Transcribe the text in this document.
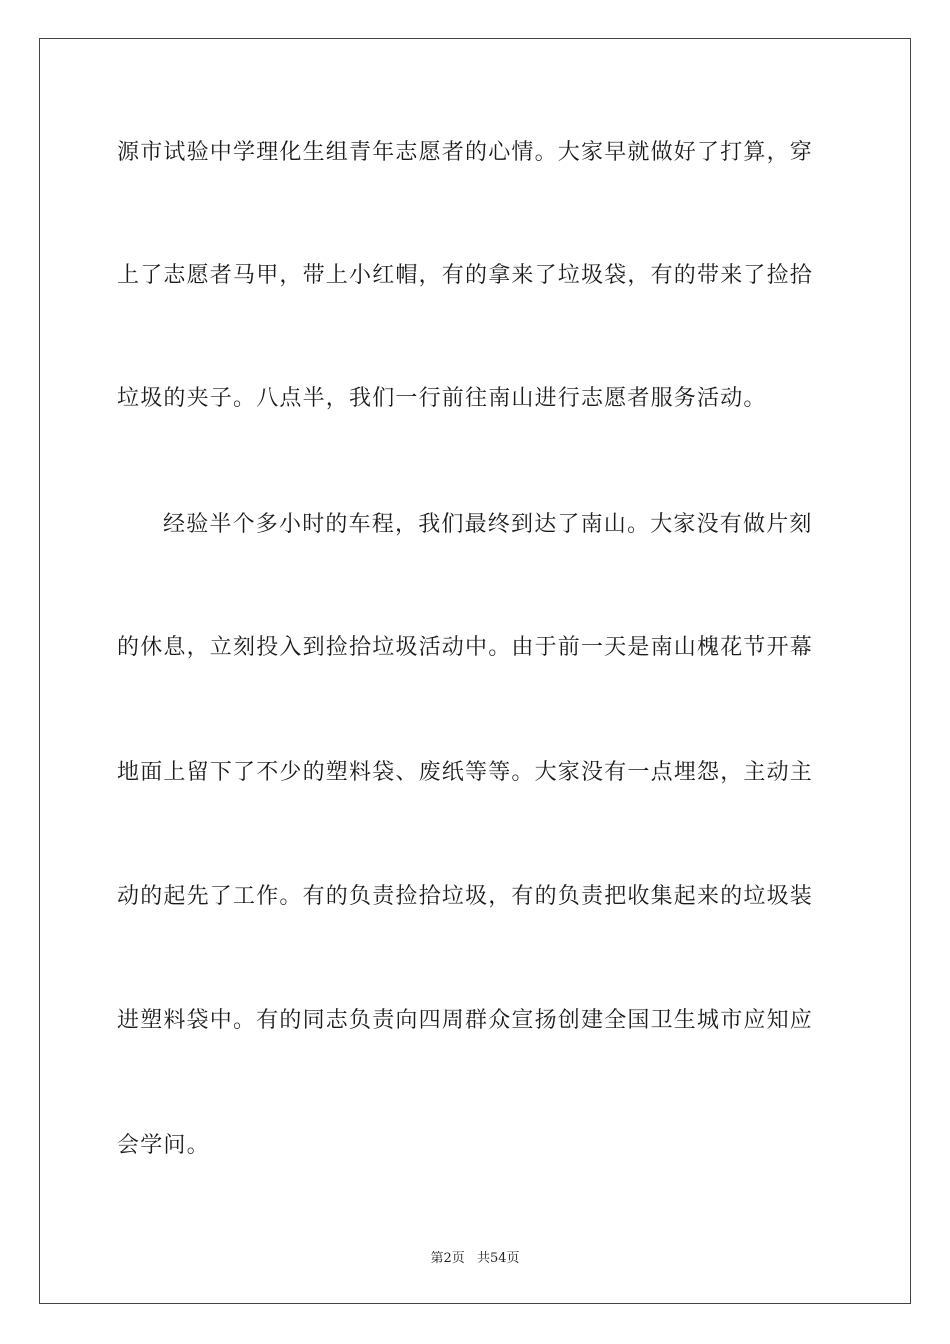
源市试验中学理化生组青年志愿者的心情。大家早就做好了打算，穿
上了志愿者马甲，带上小红帽，有的拿来了垃圾袋，有的带来了捡拾
垃圾的夹子。八点半，我们一行前往南山进行志愿者服务活动。
经验半个多小时的车程，我们最终到达了南山。大家没有做片刻
的休息，立刻投入到捡拾垃圾活动中。由于前一天是南山槐花节开幕
地面上留下了不少的塑料袋、废纸等等。大家没有一点埋怨，主动主
动的起先了工作。有的负责捡拾垃圾，有的负责把收集起来的垃圾装
进塑料袋中。有的同志负责向四周群众宣扬创建全国卫生城市应知应
会学问。
第2页 共54页
